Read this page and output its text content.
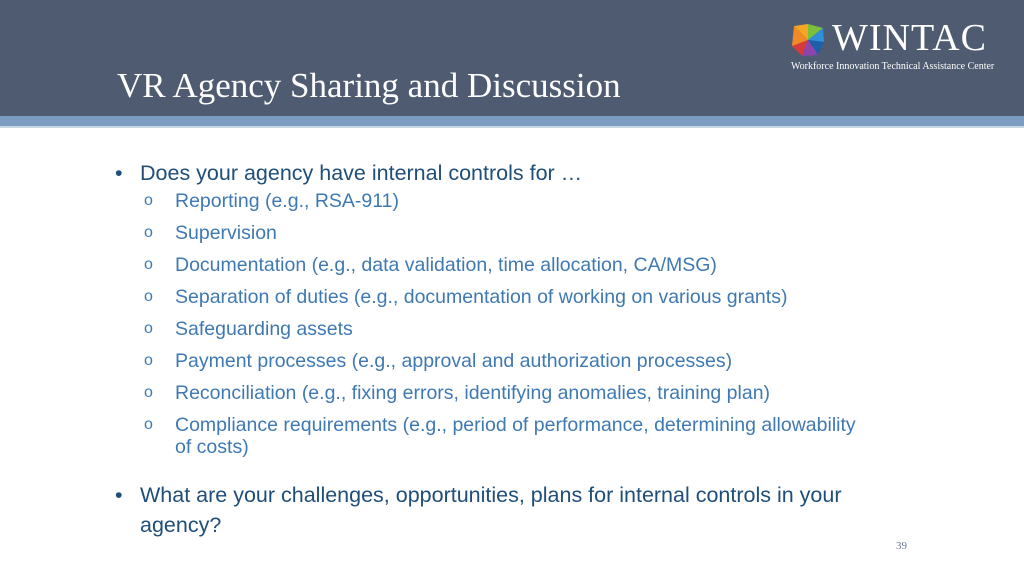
VR Agency Sharing and Discussion
WINTAC
Workforce Innovation Technical Assistance Center
• Does your agency have internal controls for …
o Reporting (e.g., RSA-911)
o Supervision
o Documentation (e.g., data validation, time allocation, CA/MSG)
o Separation of duties (e.g., documentation of working on various grants)
o Safeguarding assets
o Payment processes (e.g., approval and authorization processes)
o Reconciliation (e.g., fixing errors, identifying anomalies, training plan)
o Compliance requirements (e.g., period of performance, determining allowability of costs)
• What are your challenges, opportunities, plans for internal controls in your agency?
39
